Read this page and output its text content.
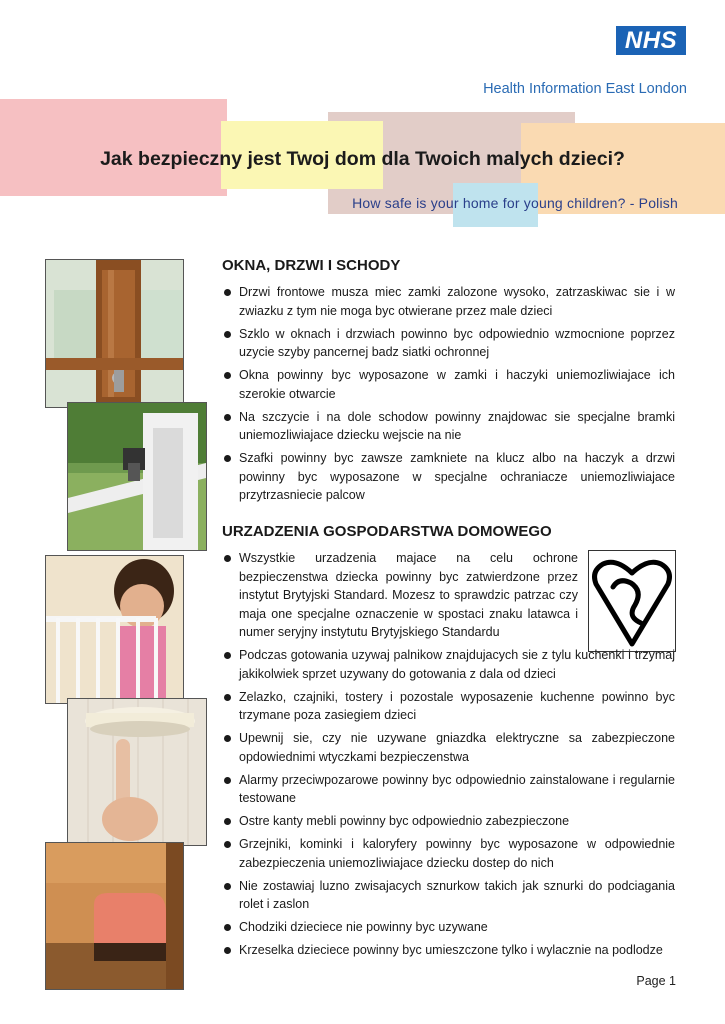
NHS
Health Information East London
Jak bezpieczny jest Twoj dom dla Twoich malych dzieci?
How safe is your home for young children? - Polish
OKNA, DRZWI I SCHODY
Drzwi frontowe musza miec zamki zalozone wysoko, zatrzaskiwac sie i w zwiazku z tym nie moga byc otwierane przez male dzieci
Szklo w oknach i drzwiach powinno byc odpowiednio wzmocnione poprzez uzycie szyby pancernej badz siatki ochronnej
Okna powinny byc wyposazone w zamki i haczyki uniemozliwiajace ich szerokie otwarcie
Na szczycie i na dole schodow powinny znajdowac sie specjalne bramki uniemozliwiajace dziecku wejscie na nie
Szafki powinny byc zawsze zamkniete na klucz albo na haczyk a drzwi powinny byc wyposazone w specjalne ochraniacze uniemozliwiajace przytrzasniecie palcow
URZADZENIA GOSPODARSTWA DOMOWEGO
Wszystkie urzadzenia majace na celu ochrone bezpieczenstwa dziecka powinny byc zatwierdzone przez instytut Brytyjski Standard. Mozesz to sprawdzic patrzac czy maja one specjalne oznaczenie w spostaci znaku latawca i numer seryjny instytutu Brytyjskiego Standardu
Podczas gotowania uzywaj palnikow znajdujacych sie z tylu kuchenki i trzymaj jakikolwiek sprzet uzywany do gotowania z dala od dzieci
Zelazko, czajniki, tostery i pozostale wyposazenie kuchenne powinno byc trzymane poza zasiegiem dzieci
Upewnij sie, czy nie uzywane gniazdka elektryczne sa zabezpieczone opdowiednimi wtyczkami bezpieczenstwa
Alarmy przeciwpozarowe powinny byc odpowiednio zainstalowane i regularnie testowane
Ostre kanty mebli powinny byc odpowiednio zabezpieczone
Grzejniki, kominki i kaloryfery powinny byc wyposazone w odpowiednie zabezpieczenia uniemozliwiajace dziecku dostep do nich
Nie zostawiaj luzno zwisajacych sznurkow takich jak sznurki do podciagania rolet i zaslon
Chodziki dzieciece nie powinny byc uzywane
Krzeselka dzieciece powinny byc umieszczone tylko i wylacznie na podlodze
Page 1
